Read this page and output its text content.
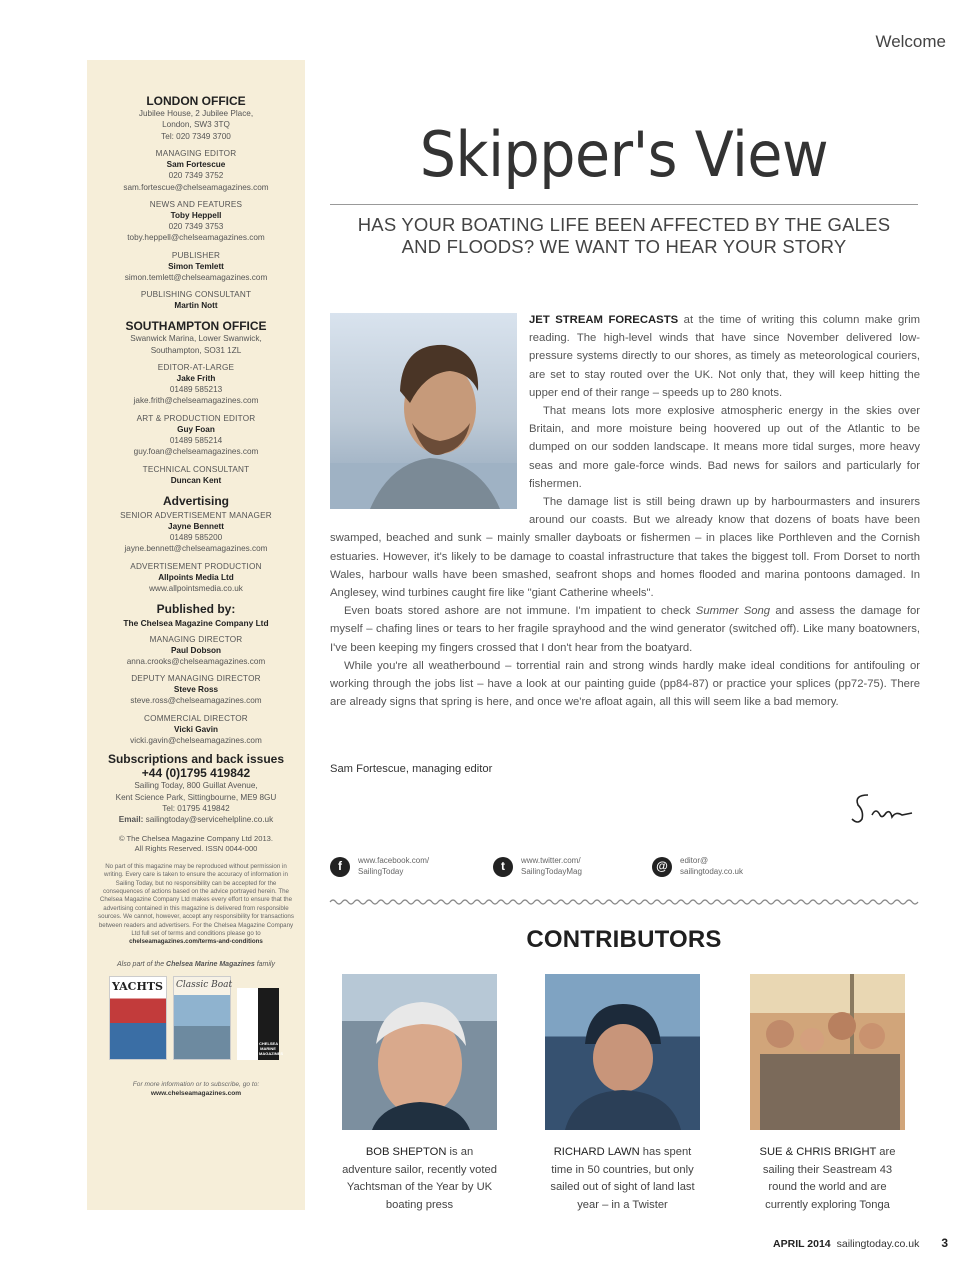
Welcome
LONDON OFFICE
Jubilee House, 2 Jubilee Place,
London, SW3 3TQ
Tel: 020 7349 3700
MANAGING EDITOR
Sam Fortescue
020 7349 3752
sam.fortescue@chelseamagazines.com
NEWS AND FEATURES
Toby Heppell
020 7349 3753
toby.heppell@chelseamagazines.com
PUBLISHER
Simon Temlett
simon.temlett@chelseamagazines.com
PUBLISHING CONSULTANT
Martin Nott
SOUTHAMPTON OFFICE
Swanwick Marina, Lower Swanwick,
Southampton, SO31 1ZL
EDITOR-AT-LARGE
Jake Frith
01489 585213
jake.frith@chelseamagazines.com
ART & PRODUCTION EDITOR
Guy Foan
01489 585214
guy.foan@chelseamagazines.com
TECHNICAL CONSULTANT
Duncan Kent
Advertising
SENIOR ADVERTISEMENT MANAGER
Jayne Bennett
01489 585200
jayne.bennett@chelseamagazines.com
ADVERTISEMENT PRODUCTION
Allpoints Media Ltd
www.allpointsmedia.co.uk
Published by:
The Chelsea Magazine Company Ltd
MANAGING DIRECTOR
Paul Dobson
anna.crooks@chelseamagazines.com
DEPUTY MANAGING DIRECTOR
Steve Ross
steve.ross@chelseamagazines.com
COMMERCIAL DIRECTOR
Vicki Gavin
vicki.gavin@chelseamagazines.com
Subscriptions and back issues
+44 (0)1795 419842
Sailing Today, 800 Guillat Avenue,
Kent Science Park, Sittingbourne, ME9 8GU
Tel: 01795 419842
Email: sailingtoday@servicehelpline.co.uk
© The Chelsea Magazine Company Ltd 2013.
All Rights Reserved. ISSN 0044-000
No part of this magazine may be reproduced without permission in writing. Every care is taken to ensure the accuracy of information in Sailing Today, but no responsibility can be accepted for the consequences of actions based on the advice portrayed herein. The Chelsea Magazine Company Ltd makes every effort to ensure that the advertising contained in this magazine is delivered from responsible sources. We cannot, however, accept any responsibility for transactions between readers and advertisers. For the Chelsea Magazine Company Ltd full set of terms and conditions please go to chelseamagazines.com/terms-and-conditions
Also part of the Chelsea Marine Magazines family
YACHTS Classic Boat
CHELSEA MARINE MAGAZINES
For more information or to subscribe, go to:
www.chelseamagazines.com
Skipper's View
HAS YOUR BOATING LIFE BEEN AFFECTED BY THE GALES
AND FLOODS? WE WANT TO HEAR YOUR STORY

JET STREAM FORECASTS at the time of writing this column make grim reading. The high-level winds that have since November delivered low-pressure systems directly to our shores, as timely as meteorological couriers, are set to stay routed over the UK. Not only that, they will keep hitting the upper end of their range – speeds up to 280 knots.

That means lots more explosive atmospheric energy in the skies over Britain, and more moisture being hoovered up out of the Atlantic to be dumped on our sodden landscape. It means more tidal surges, more heavy seas and more gale-force winds. Bad news for sailors and particularly for fishermen.

The damage list is still being drawn up by harbourmasters and insurers around our coasts. But we already know that dozens of boats have been swamped, beached and sunk – mainly smaller dayboats or fishermen – in places like Porthleven and the Cornish estuaries. However, it's likely to be damage to coastal infrastructure that takes the biggest toll. From Dorset to north Wales, harbour walls have been smashed, seafront shops and homes flooded and marina pontoons damaged. In Anglesey, wind turbines caught fire like "giant Catherine wheels".

Even boats stored ashore are not immune. I'm impatient to check Summer Song and assess the damage for myself – chafing lines or tears to her fragile sprayhood and the wind generator (switched off). Like many boatowners, I've been keeping my fingers crossed that I don't hear from the boatyard.

While you're all weatherbound – torrential rain and strong winds hardly make ideal conditions for antifouling or working through the jobs list – have a look at our painting guide (pp84-87) or practice your splices (pp72-75). There are already signs that spring is here, and once we're afloat again, all this will seem like a bad memory.

Sam Fortescue, managing editor
f	www.facebook.com/
SailingToday	t	www.twitter.com/
SailingTodayMag	@	editor@
sailingtoday.co.uk
CONTRIBUTORS
BOB SHEPTON is an adventure sailor, recently voted Yachtsman of the Year by UK boating press
RICHARD LAWN has spent time in 50 countries, but only sailed out of sight of land last year – in a Twister
SUE & CHRIS BRIGHT are sailing their Seastream 43 round the world and are currently exploring Tonga
APRIL 2014 sailingtoday.co.uk 3
